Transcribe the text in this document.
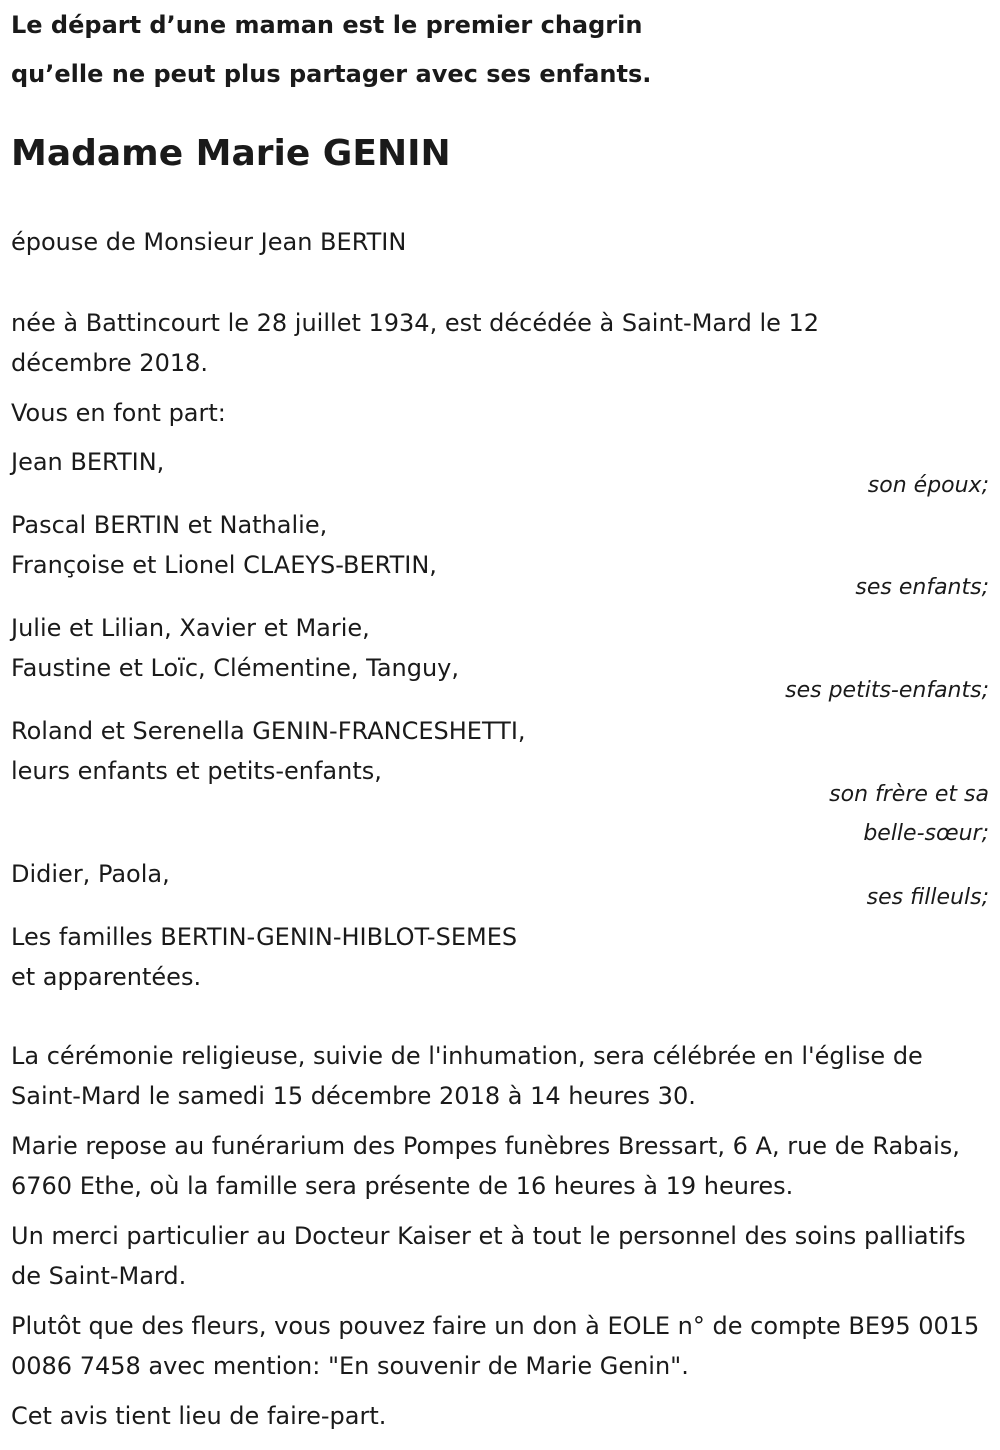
Le départ d’une maman est le premier chagrin
qu’elle ne peut plus partager avec ses enfants.
Madame Marie GENIN
épouse de Monsieur Jean BERTIN
née à Battincourt le 28 juillet 1934, est décédée à Saint-Mard le 12
décembre 2018.
Vous en font part:
Jean BERTIN,
son époux;
Pascal BERTIN et Nathalie,
Françoise et Lionel CLAEYS-BERTIN,
ses enfants;
Julie et Lilian, Xavier et Marie,
Faustine et Loïc, Clémentine, Tanguy,
ses petits-enfants;
Roland et Serenella GENIN-FRANCESHETTI,
leurs enfants et petits-enfants,
son frère et sa
belle-sœur;
Didier, Paola,
ses filleuls;
Les familles BERTIN-GENIN-HIBLOT-SEMES
et apparentées.
La cérémonie religieuse, suivie de l'inhumation, sera célébrée en l'église de Saint-Mard le samedi 15 décembre 2018 à 14 heures 30.
Marie repose au funérarium des Pompes funèbres Bressart, 6 A, rue de Rabais, 6760 Ethe, où la famille sera présente de 16 heures à 19 heures.
Un merci particulier au Docteur Kaiser et à tout le personnel des soins palliatifs de Saint-Mard.
Plutôt que des fleurs, vous pouvez faire un don à EOLE n° de compte BE95 0015 0086 7458 avec mention: "En souvenir de Marie Genin".
Cet avis tient lieu de faire-part.
